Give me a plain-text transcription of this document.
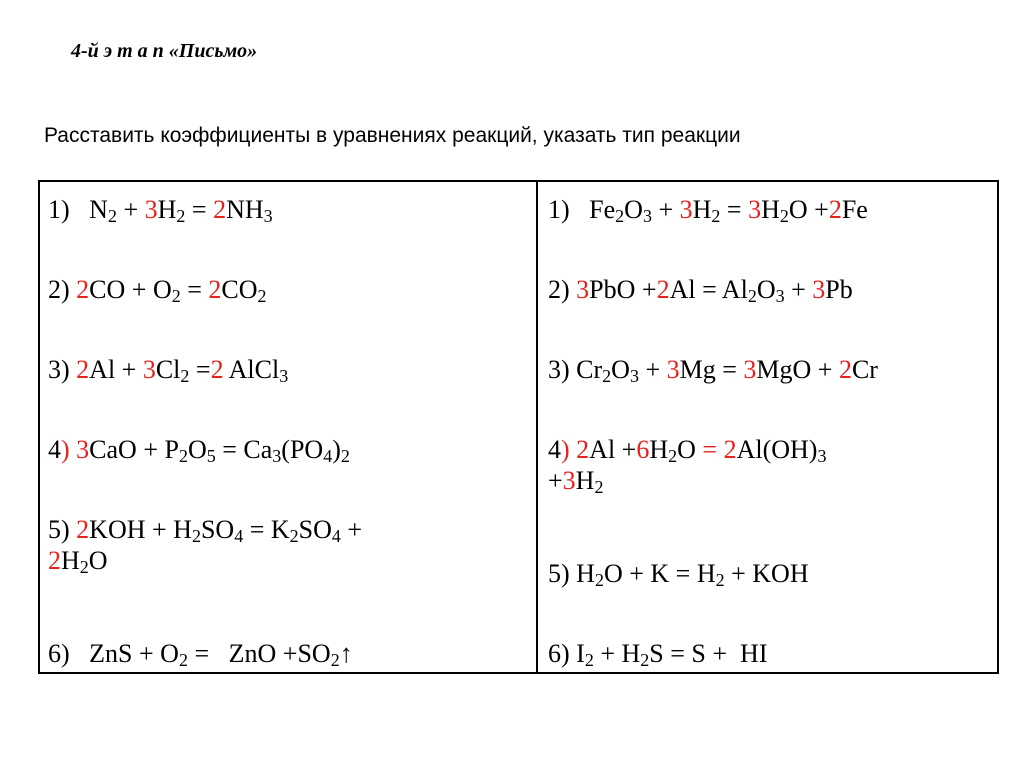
4-й э т а п «Письмо»
Расставить коэффициенты в уравнениях реакций, указать тип реакции
1)   $N_2 + 3H_2 = 2NH_3$
2) $2CO + O_2 = 2CO_2$
3) $2Al + 3Cl_2 =2$ AlCl$_3$
4) $3CaO + P_2O_5 = Ca_3(PO_4)_2$
5) $2KOH + H_2SO_4 = K_2SO_4$ +
$2H_2O$
6)   ZnS + $O_2$ =   ZnO $+SO_2↑$
1)   $Fe_2O_3 + 3H_2 = 3H_2O +2Fe$
2) $3PbO +2Al = Al_2O_3 + 3Pb$
3) $Cr_2O_3 + 3Mg = 3MgO + 2Cr$
4) $2Al +6H_2O = 2Al(OH)_3$
$+3H_2$
5) $H_2O + K = H_2$ + KOH
6) $I_2 + H_2S = S$ +  HI
